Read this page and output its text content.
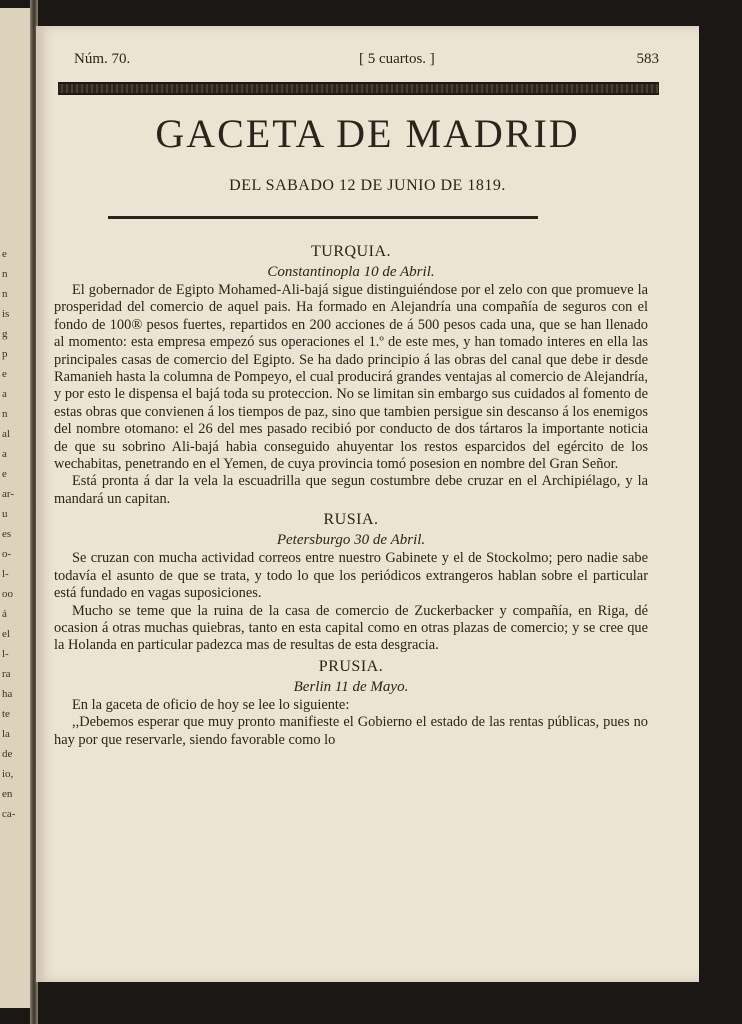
e
n
n
is
g
p
e
a
n
al
a
e
ar-
u
es
o-
l-
oo
á
el
l-
ra
ha
te
la
de
io,
en
ca-
Núm. 70.	[ 5 cuartos. ]	583
GACETA DE MADRID
DEL SABADO 12 DE JUNIO DE 1819.
TURQUIA.
Constantinopla 10 de Abril.

El gobernador de Egipto Mohamed-Ali-bajá sigue distinguiéndose por el zelo con que promueve la prosperidad del comercio de aquel pais. Ha formado en Alejandría una compañía de seguros con el fondo de 100® pesos fuertes, repartidos en 200 acciones de á 500 pesos cada una, que se han llenado al momento: esta empresa empezó sus operaciones el 1.º de este mes, y han tomado interes en ella las principales casas de comercio del Egipto. Se ha dado principio á las obras del canal que debe ir desde Ramanieh hasta la columna de Pompeyo, el cual producirá grandes ventajas al comercio de Alejandría, y por esto le dispensa el bajá toda su proteccion. No se limitan sin embargo sus cuidados al fomento de estas obras que convienen á los tiempos de paz, sino que tambien persigue sin descanso á los enemigos del nombre otomano: el 26 del mes pasado recibió por conducto de dos tártaros la importante noticia de que su sobrino Ali-bajá habia conseguido ahuyentar los restos esparcidos del egército de los wechabitas, penetrando en el Yemen, de cuya provincia tomó posesion en nombre del Gran Señor.

Está pronta á dar la vela la escuadrilla que segun costumbre debe cruzar en el Archipiélago, y la mandará un capitan.

RUSIA.
Petersburgo 30 de Abril.

Se cruzan con mucha actividad correos entre nuestro Gabinete y el de Stockolmo; pero nadie sabe todavía el asunto de que se trata, y todo lo que los periódicos extrangeros hablan sobre el particular está fundado en vagas suposiciones.

Mucho se teme que la ruina de la casa de comercio de Zuckerbacker y compañía, en Riga, dé ocasion á otras muchas quiebras, tanto en esta capital como en otras plazas de comercio; y se cree que la Holanda en particular padezca mas de resultas de esta desgracia.

PRUSIA.
Berlin 11 de Mayo.

En la gaceta de oficio de hoy se lee lo siguiente:

,,Debemos esperar que muy pronto manifieste el Gobierno el estado de las rentas públicas, pues no hay por que reservarle, siendo favorable como lo
